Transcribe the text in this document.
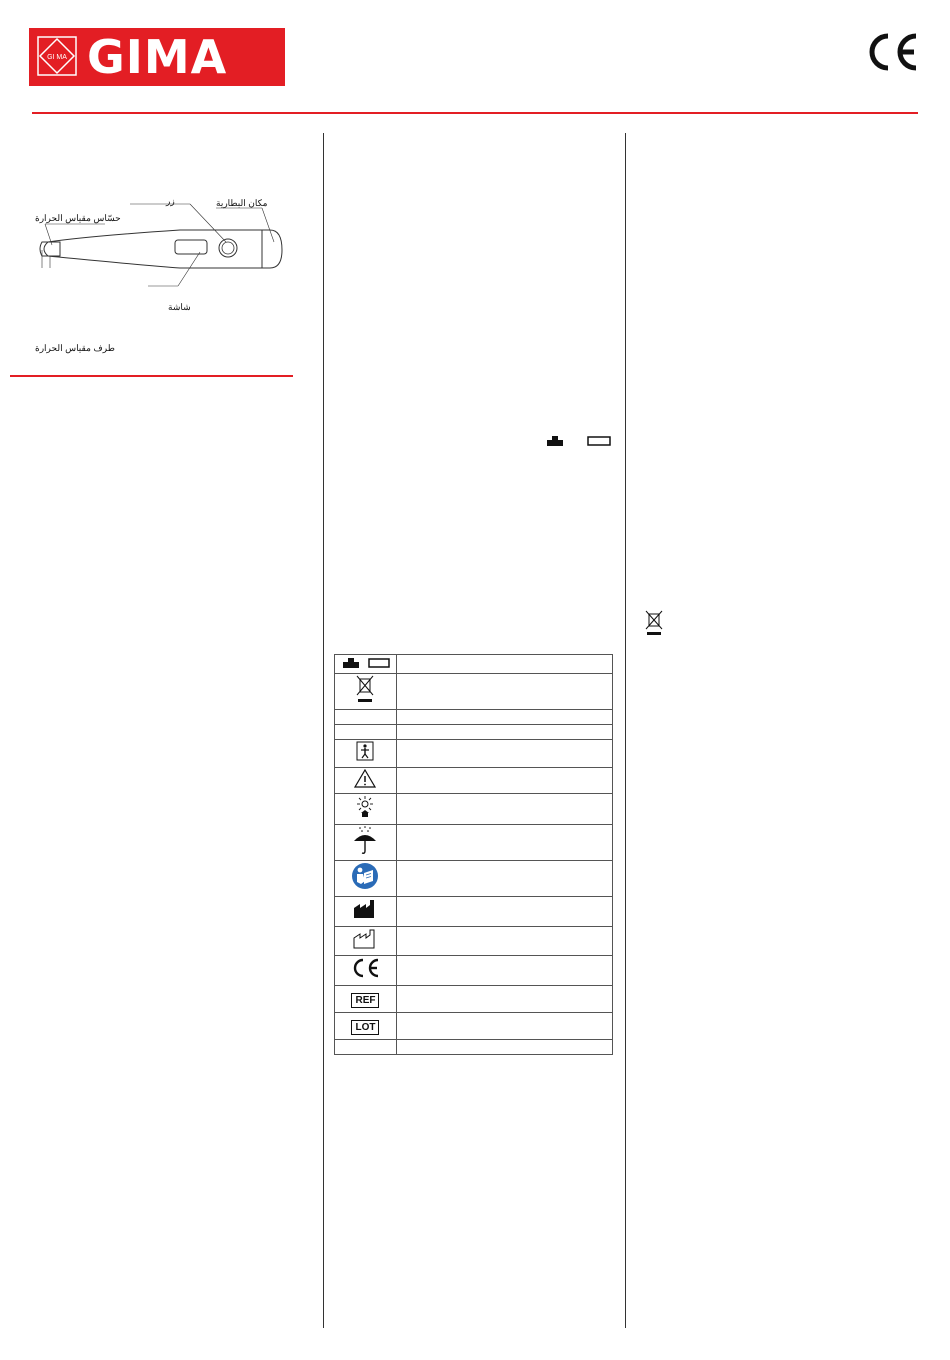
GI MA GIMA
حسّاس مقياس الحرارة
زر	مكان البطارية
شاشة
طرف مقياس الحرارة

REF	
LOT	
